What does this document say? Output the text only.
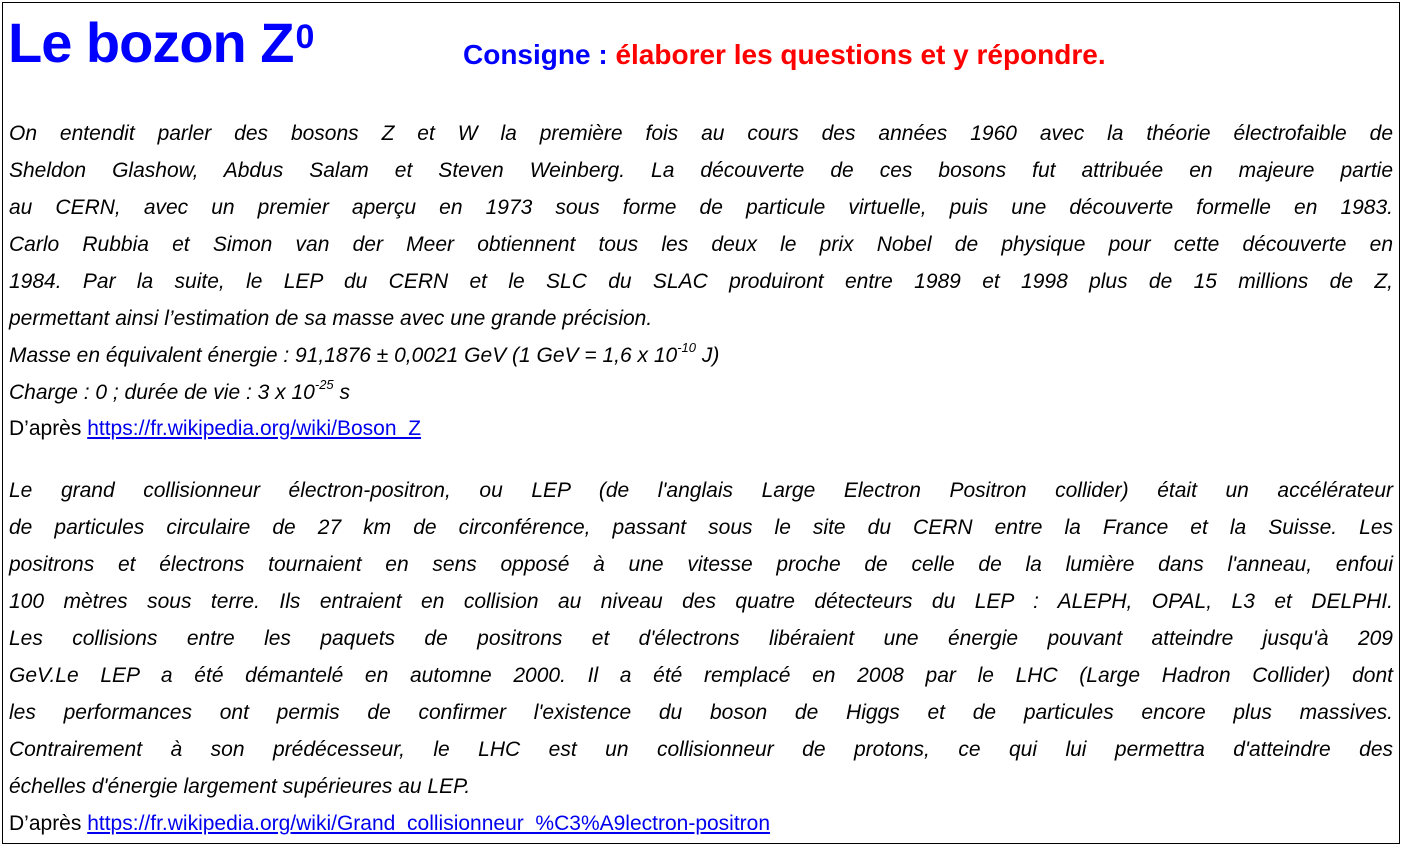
Le bozon $Z^0$	Consigne : élaborer les questions et y répondre.
On entendit parler des bosons Z et W la première fois au cours des années 1960 avec la théorie électrofaible de
Sheldon Glashow, Abdus Salam et Steven Weinberg. La découverte de ces bosons fut attribuée en majeure partie
au CERN, avec un premier aperçu en 1973 sous forme de particule virtuelle, puis une découverte formelle en 1983.
Carlo Rubbia et Simon van der Meer obtiennent tous les deux le prix Nobel de physique pour cette découverte en
1984. Par la suite, le LEP du CERN et le SLC du SLAC produiront entre 1989 et 1998 plus de 15 millions de Z,
permettant ainsi l’estimation de sa masse avec une grande précision.
Masse en équivalent énergie : 91,1876 ± 0,0021 GeV (1 GeV = 1,6 x $10^{-10}$ J)
Charge : 0 ; durée de vie : 3 x $10^{-25}$ s
D’après https://fr.wikipedia.org/wiki/Boson_Z
Le grand collisionneur électron-positron, ou LEP (de l'anglais Large Electron Positron collider) était un accélérateur
de particules circulaire de 27 km de circonférence, passant sous le site du CERN entre la France et la Suisse. Les
positrons et électrons tournaient en sens opposé à une vitesse proche de celle de la lumière dans l'anneau, enfoui
100 mètres sous terre. Ils entraient en collision au niveau des quatre détecteurs du LEP : ALEPH, OPAL, L3 et DELPHI.
Les collisions entre les paquets de positrons et d'électrons libéraient une énergie pouvant atteindre jusqu'à 209
GeV.Le LEP a été démantelé en automne 2000. Il a été remplacé en 2008 par le LHC (Large Hadron Collider) dont
les performances ont permis de confirmer l'existence du boson de Higgs et de particules encore plus massives.
Contrairement à son prédécesseur, le LHC est un collisionneur de protons, ce qui lui permettra d'atteindre des
échelles d'énergie largement supérieures au LEP.
D’après https://fr.wikipedia.org/wiki/Grand_collisionneur_%C3%A9lectron-positron
